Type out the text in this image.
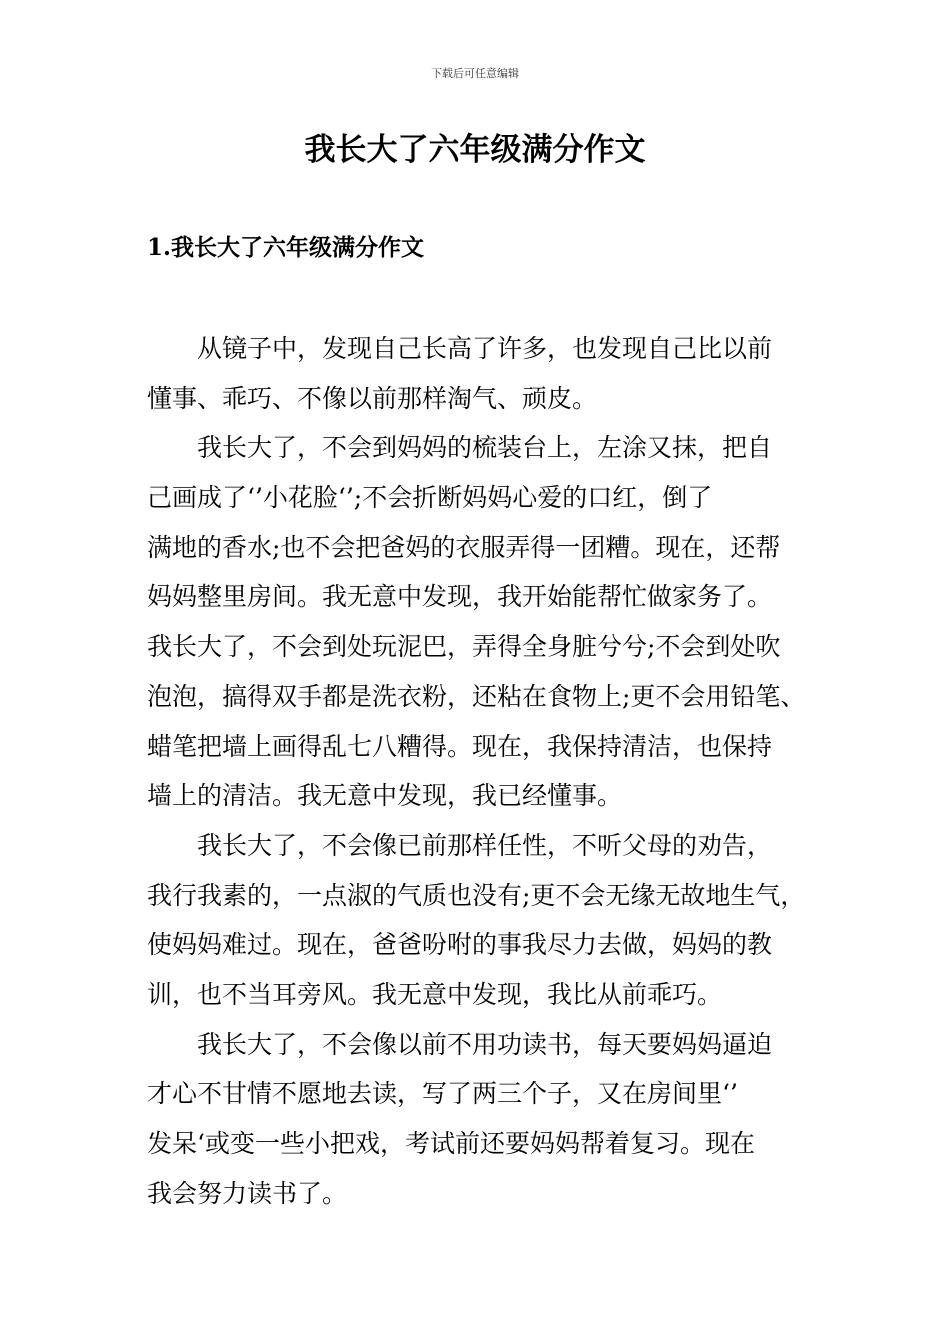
下载后可任意编辑
我长大了六年级满分作文
1.我长大了六年级满分作文
从镜子中，发现自己长高了许多，也发现自己比以前
懂事、乖巧、不像以前那样淘气、顽皮。
我长大了，不会到妈妈的梳装台上，左涂又抹，把自
己画成了‘’小花脸‘’;不会折断妈妈心爱的口红，倒了
满地的香水;也不会把爸妈的衣服弄得一团糟。现在，还帮
妈妈整里房间。我无意中发现，我开始能帮忙做家务了。
我长大了，不会到处玩泥巴，弄得全身脏兮兮;不会到处吹
泡泡，搞得双手都是洗衣粉，还粘在食物上;更不会用铅笔、
蜡笔把墙上画得乱七八糟得。现在，我保持清洁，也保持
墙上的清洁。我无意中发现，我已经懂事。
我长大了，不会像已前那样任性，不听父母的劝告，
我行我素的，一点淑的气质也没有;更不会无缘无故地生气，
使妈妈难过。现在，爸爸吩咐的事我尽力去做，妈妈的教
训，也不当耳旁风。我无意中发现，我比从前乖巧。
我长大了，不会像以前不用功读书，每天要妈妈逼迫
才心不甘情不愿地去读，写了两三个子，又在房间里‘’
发呆‘或变一些小把戏，考试前还要妈妈帮着复习。现在
我会努力读书了。
